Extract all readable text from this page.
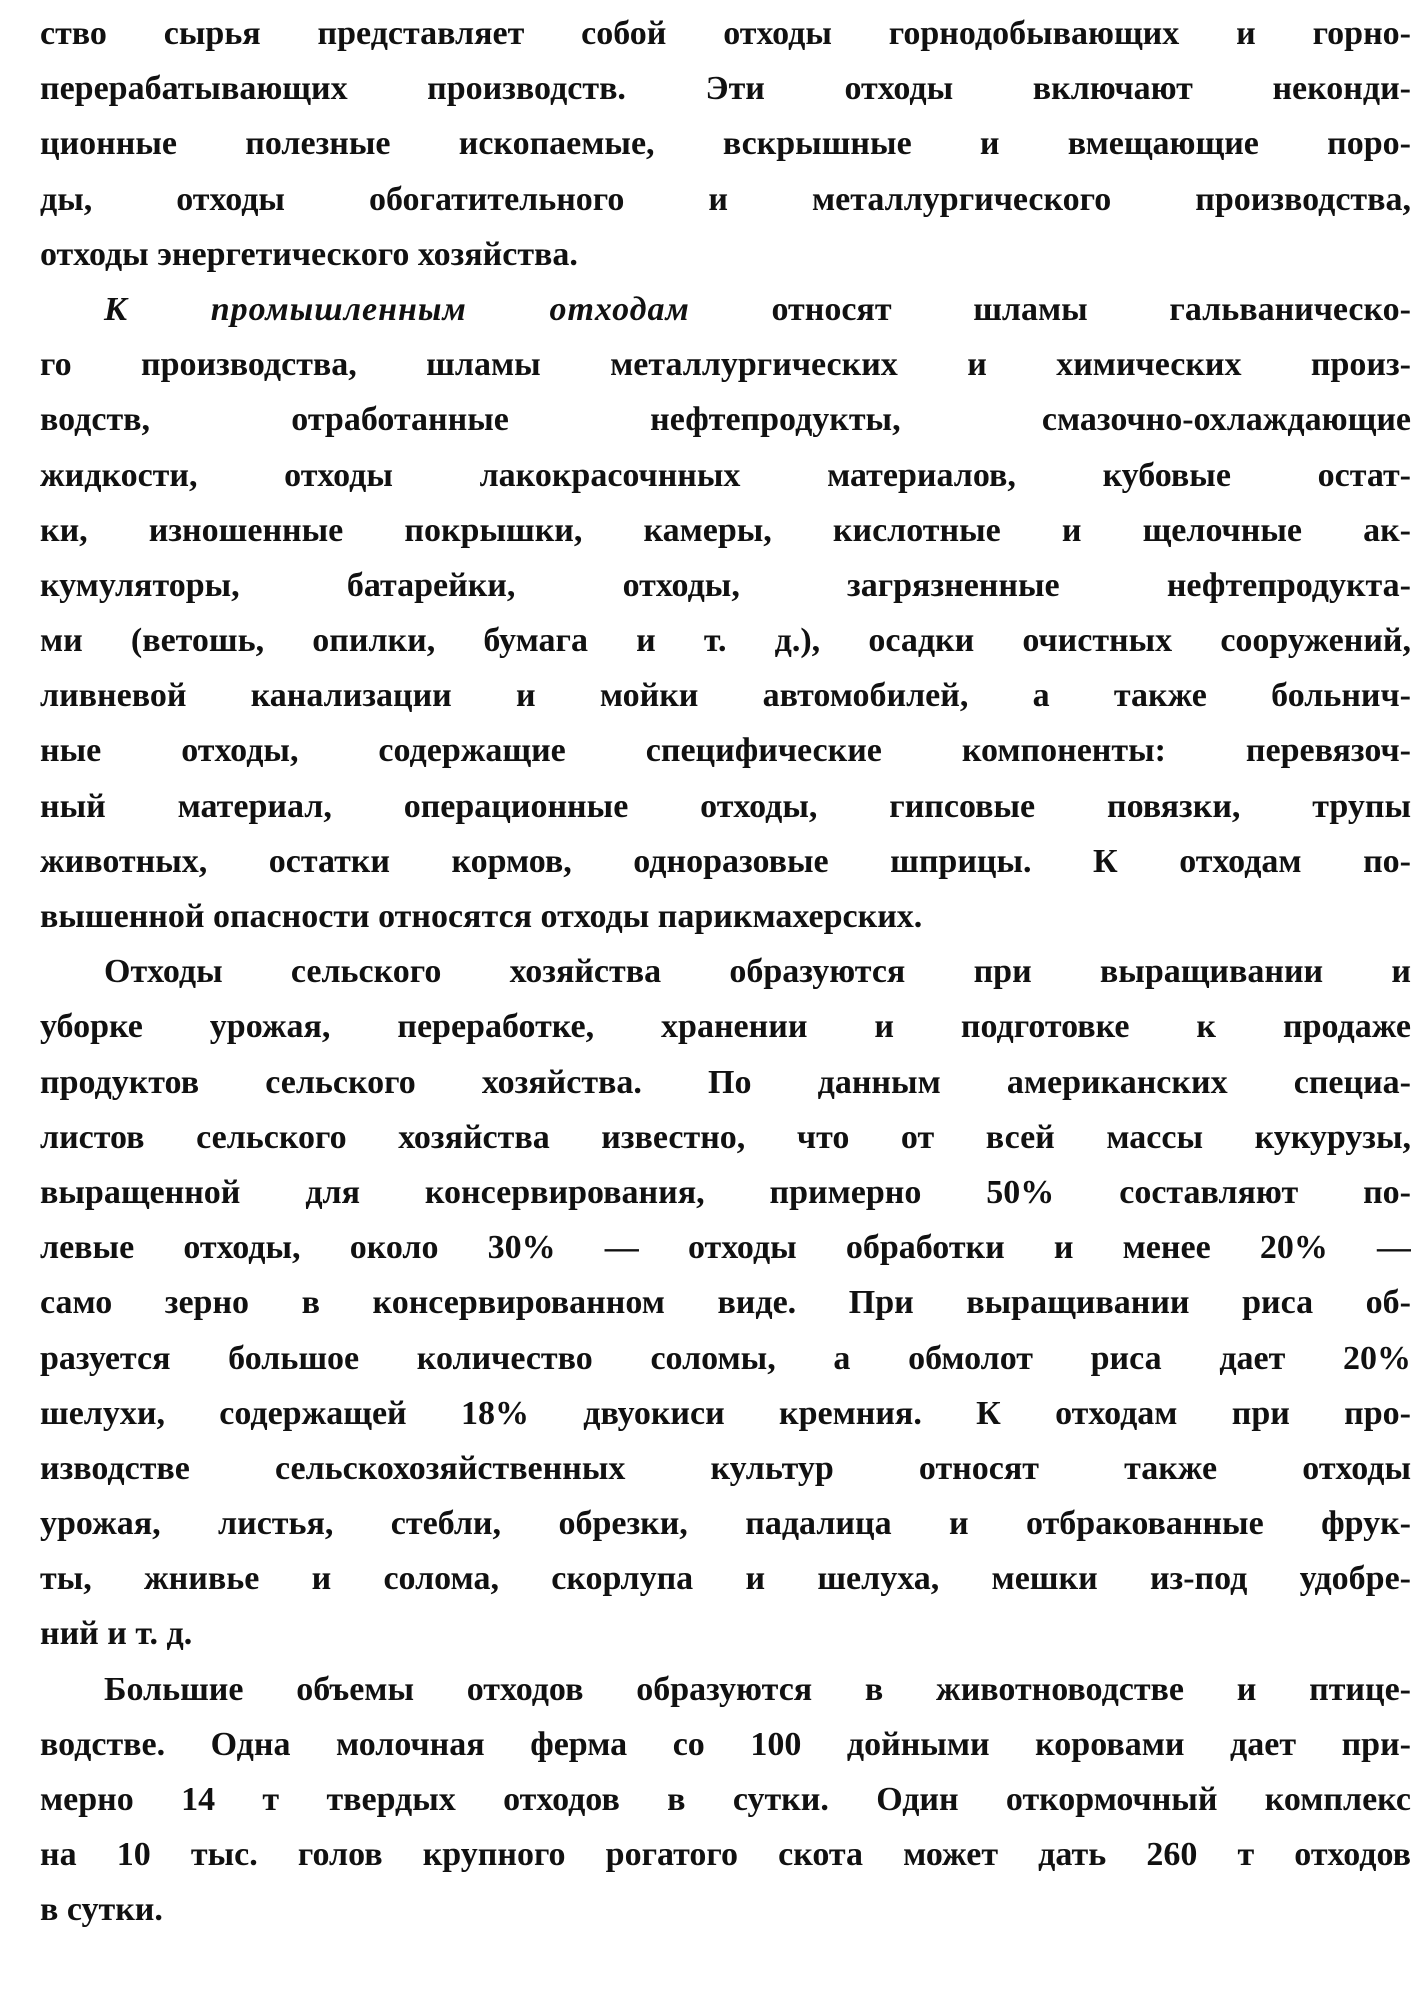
ство сырья представляет собой отходы горнодобывающих и горно-
перерабатывающих производств. Эти отходы включают неконди-
ционные полезные ископаемые, вскрышные и вмещающие поро-
ды, отходы обогатительного и металлургического производства,
отходы энергетического хозяйства.
К промышленным отходам относят шламы гальваническо-
го производства, шламы металлургических и химических произ-
водств, отработанные нефтепродукты, смазочно-охлаждающие
жидкости, отходы лакокрасочнных материалов, кубовые остат-
ки, изношенные покрышки, камеры, кислотные и щелочные ак-
кумуляторы, батарейки, отходы, загрязненные нефтепродукта-
ми (ветошь, опилки, бумага и т. д.), осадки очистных сооружений,
ливневой канализации и мойки автомобилей, а также больнич-
ные отходы, содержащие специфические компоненты: перевязоч-
ный материал, операционные отходы, гипсовые повязки, трупы
животных, остатки кормов, одноразовые шприцы. К отходам по-
вышенной опасности относятся отходы парикмахерских.
Отходы сельского хозяйства образуются при выращивании и
уборке урожая, переработке, хранении и подготовке к продаже
продуктов сельского хозяйства. По данным американских специа-
листов сельского хозяйства известно, что от всей массы кукурузы,
выращенной для консервирования, примерно 50% составляют по-
левые отходы, около 30% — отходы обработки и менее 20% —
само зерно в консервированном виде. При выращивании риса об-
разуется большое количество соломы, а обмолот риса дает 20%
шелухи, содержащей 18% двуокиси кремния. К отходам при про-
изводстве сельскохозяйственных культур относят также отходы
урожая, листья, стебли, обрезки, падалица и отбракованные фрук-
ты, жнивье и солома, скорлупа и шелуха, мешки из-под удобре-
ний и т. д.
Большие объемы отходов образуются в животноводстве и птице-
водстве. Одна молочная ферма со 100 дойными коровами дает при-
мерно 14 т твердых отходов в сутки. Один откормочный комплекс
на 10 тыс. голов крупного рогатого скота может дать 260 т отходов
в сутки.
